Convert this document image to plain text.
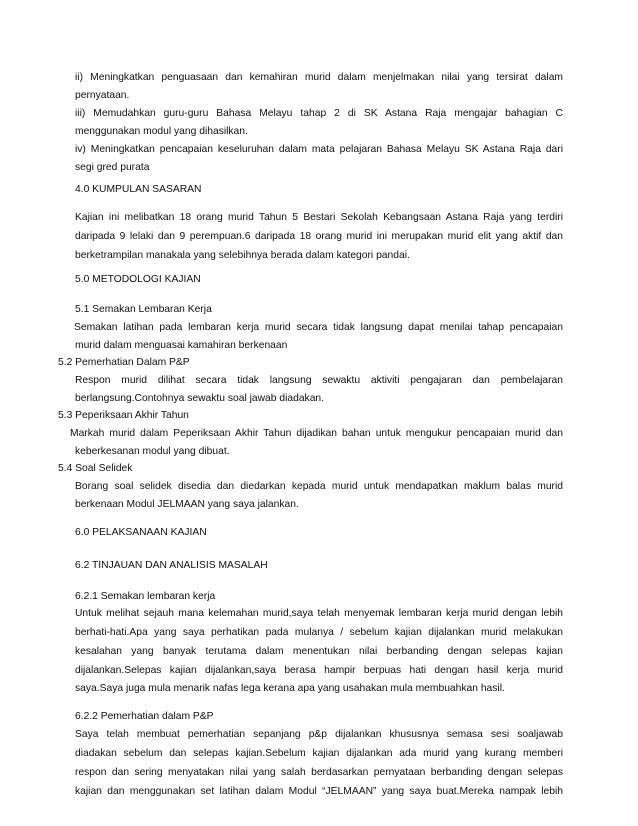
ii) Meningkatkan penguasaan dan kemahiran murid dalam menjelmakan nilai yang tersirat dalam
pernyataan.
iii) Memudahkan guru-guru Bahasa Melayu tahap 2 di SK Astana Raja mengajar bahagian C
menggunakan modul yang dihasilkan.
iv) Meningkatkan pencapaian keseluruhan dalam mata pelajaran Bahasa Melayu SK Astana Raja dari
segi gred purata
4.0 KUMPULAN SASARAN
Kajian ini melibatkan 18 orang murid Tahun 5 Bestari Sekolah Kebangsaan Astana Raja yang terdiri
daripada 9 lelaki dan 9 perempuan.6 daripada 18 orang murid ini merupakan murid elit yang aktif dan
berketrampilan manakala yang selebihnya berada dalam kategori pandai.
5.0 METODOLOGI KAJIAN
5.1 Semakan Lembaran Kerja
Semakan latihan pada lembaran kerja murid secara tidak langsung dapat menilai tahap pencapaian
murid dalam menguasai kamahiran berkenaan
5.2 Pemerhatian Dalam P&P
Respon murid dilihat secara tidak langsung sewaktu aktiviti pengajaran dan pembelajaran
berlangsung.Contohnya sewaktu soal jawab diadakan.
5.3 Peperiksaan Akhir Tahun
Markah murid dalam Peperiksaan Akhir Tahun dijadikan bahan untuk mengukur pencapaian murid dan
keberkesanan modul yang dibuat.
5.4 Soal Selidek
Borang soal selidek disedia dan diedarkan kepada murid untuk mendapatkan maklum balas murid
berkenaan Modul JELMAAN yang saya jalankan.
6.0 PELAKSANAAN KAJIAN
6.2 TINJAUAN DAN ANALISIS MASALAH
6.2.1 Semakan lembaran kerja
Untuk melihat sejauh mana kelemahan murid,saya telah menyemak lembaran kerja murid dengan lebih
berhati-hati.Apa yang saya perhatikan pada mulanya / sebelum kajian dijalankan murid melakukan
kesalahan yang banyak terutama dalam menentukan nilai berbanding dengan selepas kajian
dijalankan.Selepas kajian dijalankan,saya berasa hampir berpuas hati dengan hasil kerja murid
saya.Saya juga mula menarik nafas lega kerana apa yang usahakan mula membuahkan hasil.
6.2.2 Pemerhatian dalam P&P
Saya telah membuat pemerhatian sepanjang p&p dijalankan khususnya semasa sesi soaljawab
diadakan sebelum dan selepas kajian.Sebelum kajian dijalankan ada murid yang kurang memberi
respon dan sering menyatakan nilai yang salah berdasarkan pernyataan berbanding dengan selepas
kajian dan menggunakan set latihan dalam Modul “JELMAAN” yang saya buat.Mereka nampak lebih
